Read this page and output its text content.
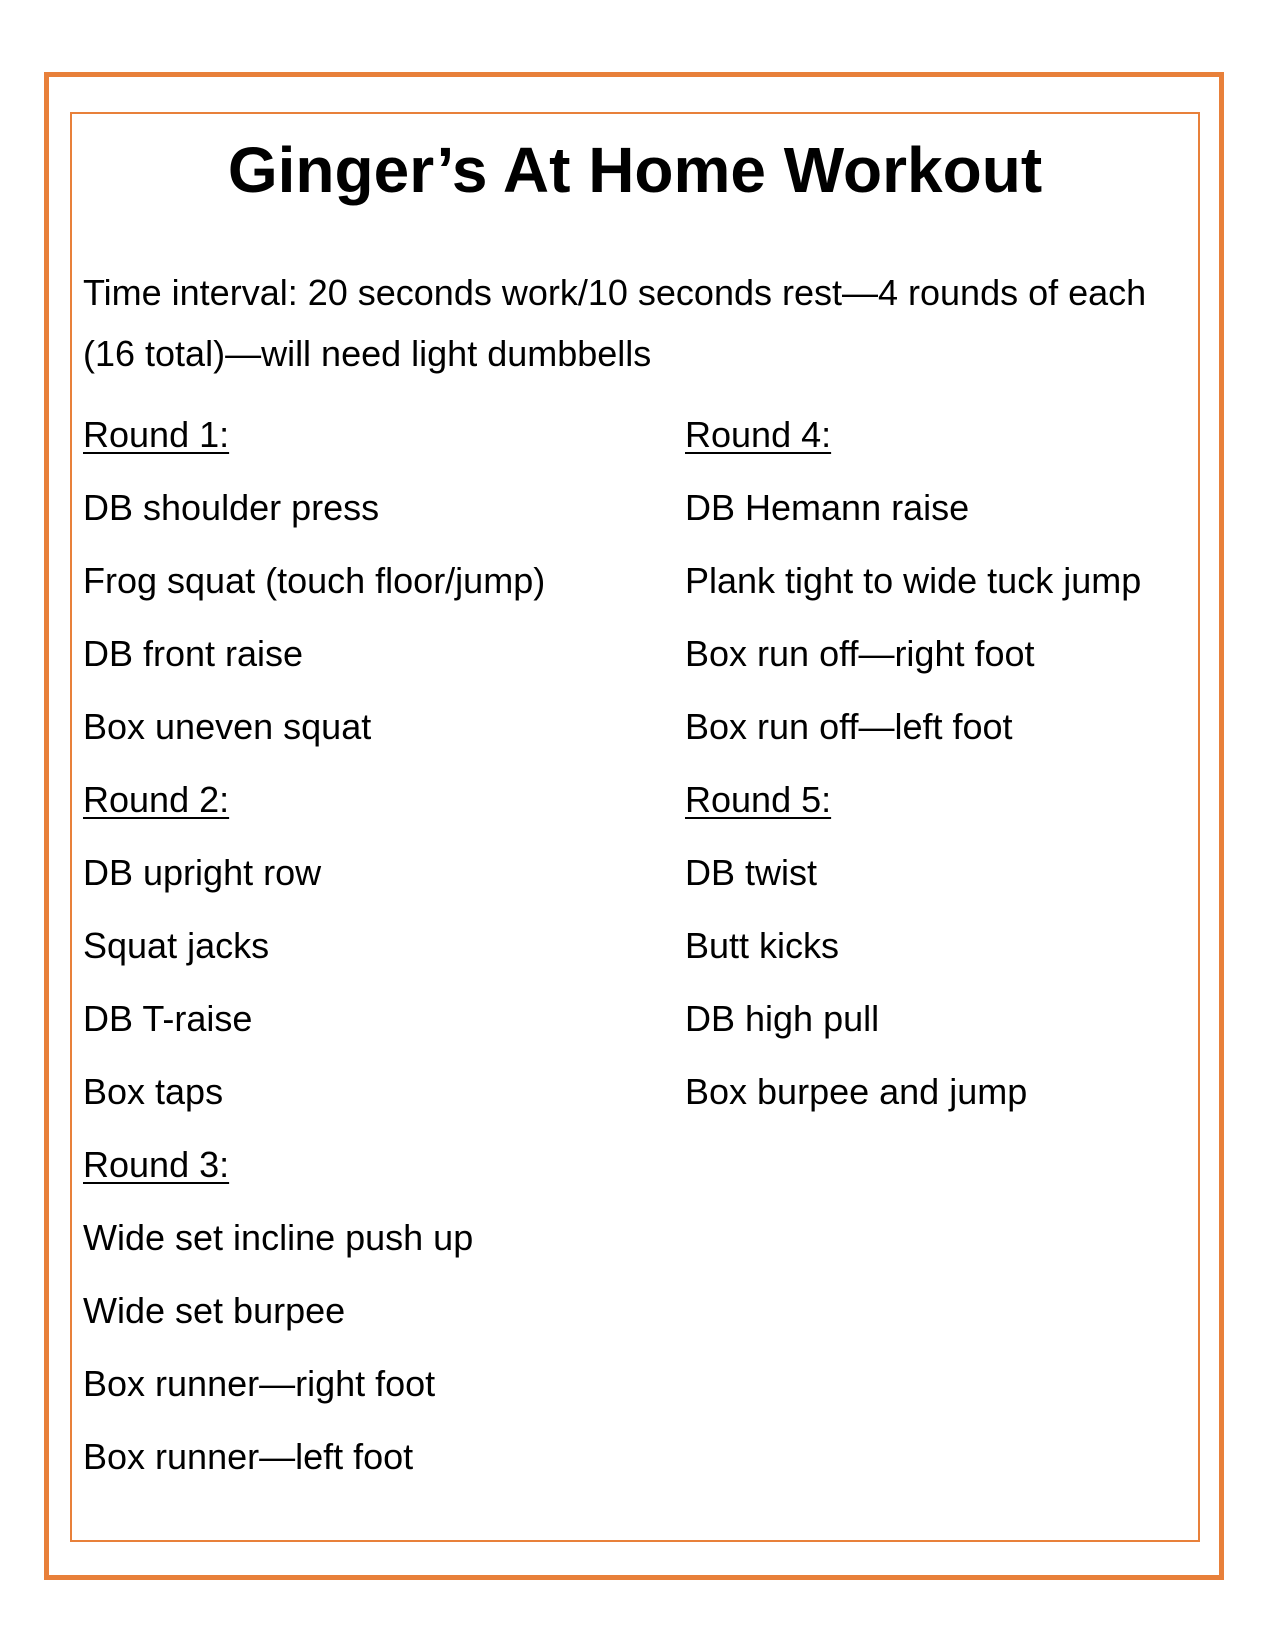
Ginger’s At Home Workout

Time interval: 20 seconds work/10 seconds rest—4 rounds of each (16 total)—will need light dumbbells

Round 1:
DB shoulder press
Frog squat (touch floor/jump)
DB front raise
Box uneven squat
Round 2:
DB upright row
Squat jacks
DB T-raise
Box taps
Round 3:
Wide set incline push up
Wide set burpee
Box runner—right foot
Box runner—left foot
Round 4:
DB Hemann raise
Plank tight to wide tuck jump
Box run off—right foot
Box run off—left foot
Round 5:
DB twist
Butt kicks
DB high pull
Box burpee and jump
